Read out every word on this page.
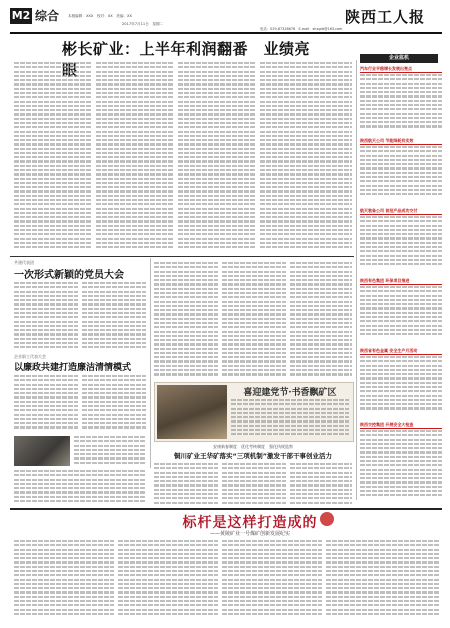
M2 综合 本版编辑：XXX　校对：XX　美编：XX
2017年7月11日　星期二	陕西工人报
电话：029-87326678　E-mail：shxgrb@163.com
彬长矿业：上半年利润翻番　业绩亮	企业监机
汽车行业平稳增长发展出亮点
陕西航天公司 节能降耗有实效
航天装备公司 首批产品成功交付
陕西有色集团 环保项目推进
陕西省有色金属 安全生产月活动
陕西交控集团 开展安全大检查
共建代表团
一次形式新颖的党员大会
企业职工代表大会
以廉政共建打造廉洁清情模式
喜迎建党节·书香飘矿区
安康新春制度　优化考核制度　强化执规监察
铜川矿业王华矿落实“三项机制”激发干部干事创业活力
标杆是这样打造成的
——黄陵矿业一号煤矿创新发展纪实
